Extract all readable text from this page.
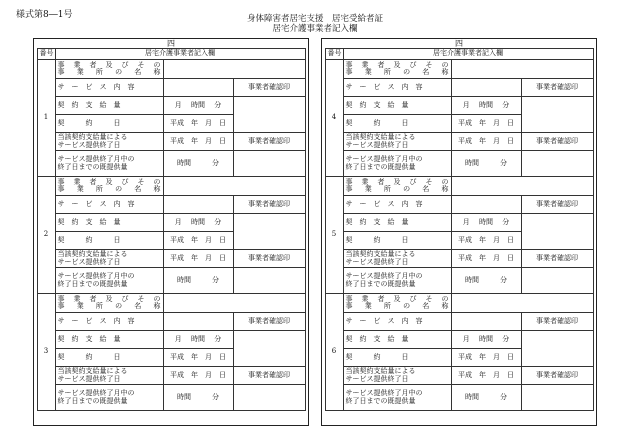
様式第8―1号	身体障害者居宅支援　居宅受給者証
居宅介護事業者記入欄
四
番号	居宅介護事業者記入欄		
1	事 業 者 及 び そ の
事　業　所　の　名　称		

	サ　ー　ビ　ス　内　容		事業者確認印
	契　約　支　給　量	月　 時間　 分	
	契　　　約　　　日	平成　年　月　日	

	当該契約支給量による
サービス提供終了日	平成　年　月　日	事業者確認印

	サービス提供終了月中の
終了日までの既提供量	時間　　　分	
2	事 業 者 及 び そ の
事　業　所　の　名　称		

	サ　ー　ビ　ス　内　容		事業者確認印
	契　約　支　給　量	月　 時間　 分	
	契　　　約　　　日	平成　年　月　日	

	当該契約支給量による
サービス提供終了日	平成　年　月　日	事業者確認印

	サービス提供終了月中の
終了日までの既提供量	時間　　　分	
3	事 業 者 及 び そ の
事　業　所　の　名　称		

	サ　ー　ビ　ス　内　容		事業者確認印
	契　約　支　給　量	月　 時間　 分	
	契　　　約　　　日	平成　年　月　日	

	当該契約支給量による
サービス提供終了日	平成　年　月　日	事業者確認印

	サービス提供終了月中の
終了日までの既提供量	時間　　　分	
四
番号	居宅介護事業者記入欄		
4	事 業 者 及 び そ の
事　業　所　の　名　称		

	サ　ー　ビ　ス　内　容		事業者確認印
	契　約　支　給　量	月　 時間　 分	
	契　　　約　　　日	平成　年　月　日	

	当該契約支給量による
サービス提供終了日	平成　年　月　日	事業者確認印

	サービス提供終了月中の
終了日までの既提供量	時間　　　分	
5	事 業 者 及 び そ の
事　業　所　の　名　称		

	サ　ー　ビ　ス　内　容		事業者確認印
	契　約　支　給　量	月　 時間　 分	
	契　　　約　　　日	平成　年　月　日	

	当該契約支給量による
サービス提供終了日	平成　年　月　日	事業者確認印

	サービス提供終了月中の
終了日までの既提供量	時間　　　分	
6	事 業 者 及 び そ の
事　業　所　の　名　称		

	サ　ー　ビ　ス　内　容		事業者確認印
	契　約　支　給　量	月　 時間　 分	
	契　　　約　　　日	平成　年　月　日	

	当該契約支給量による
サービス提供終了日	平成　年　月　日	事業者確認印

	サービス提供終了月中の
終了日までの既提供量	時間　　　分	
